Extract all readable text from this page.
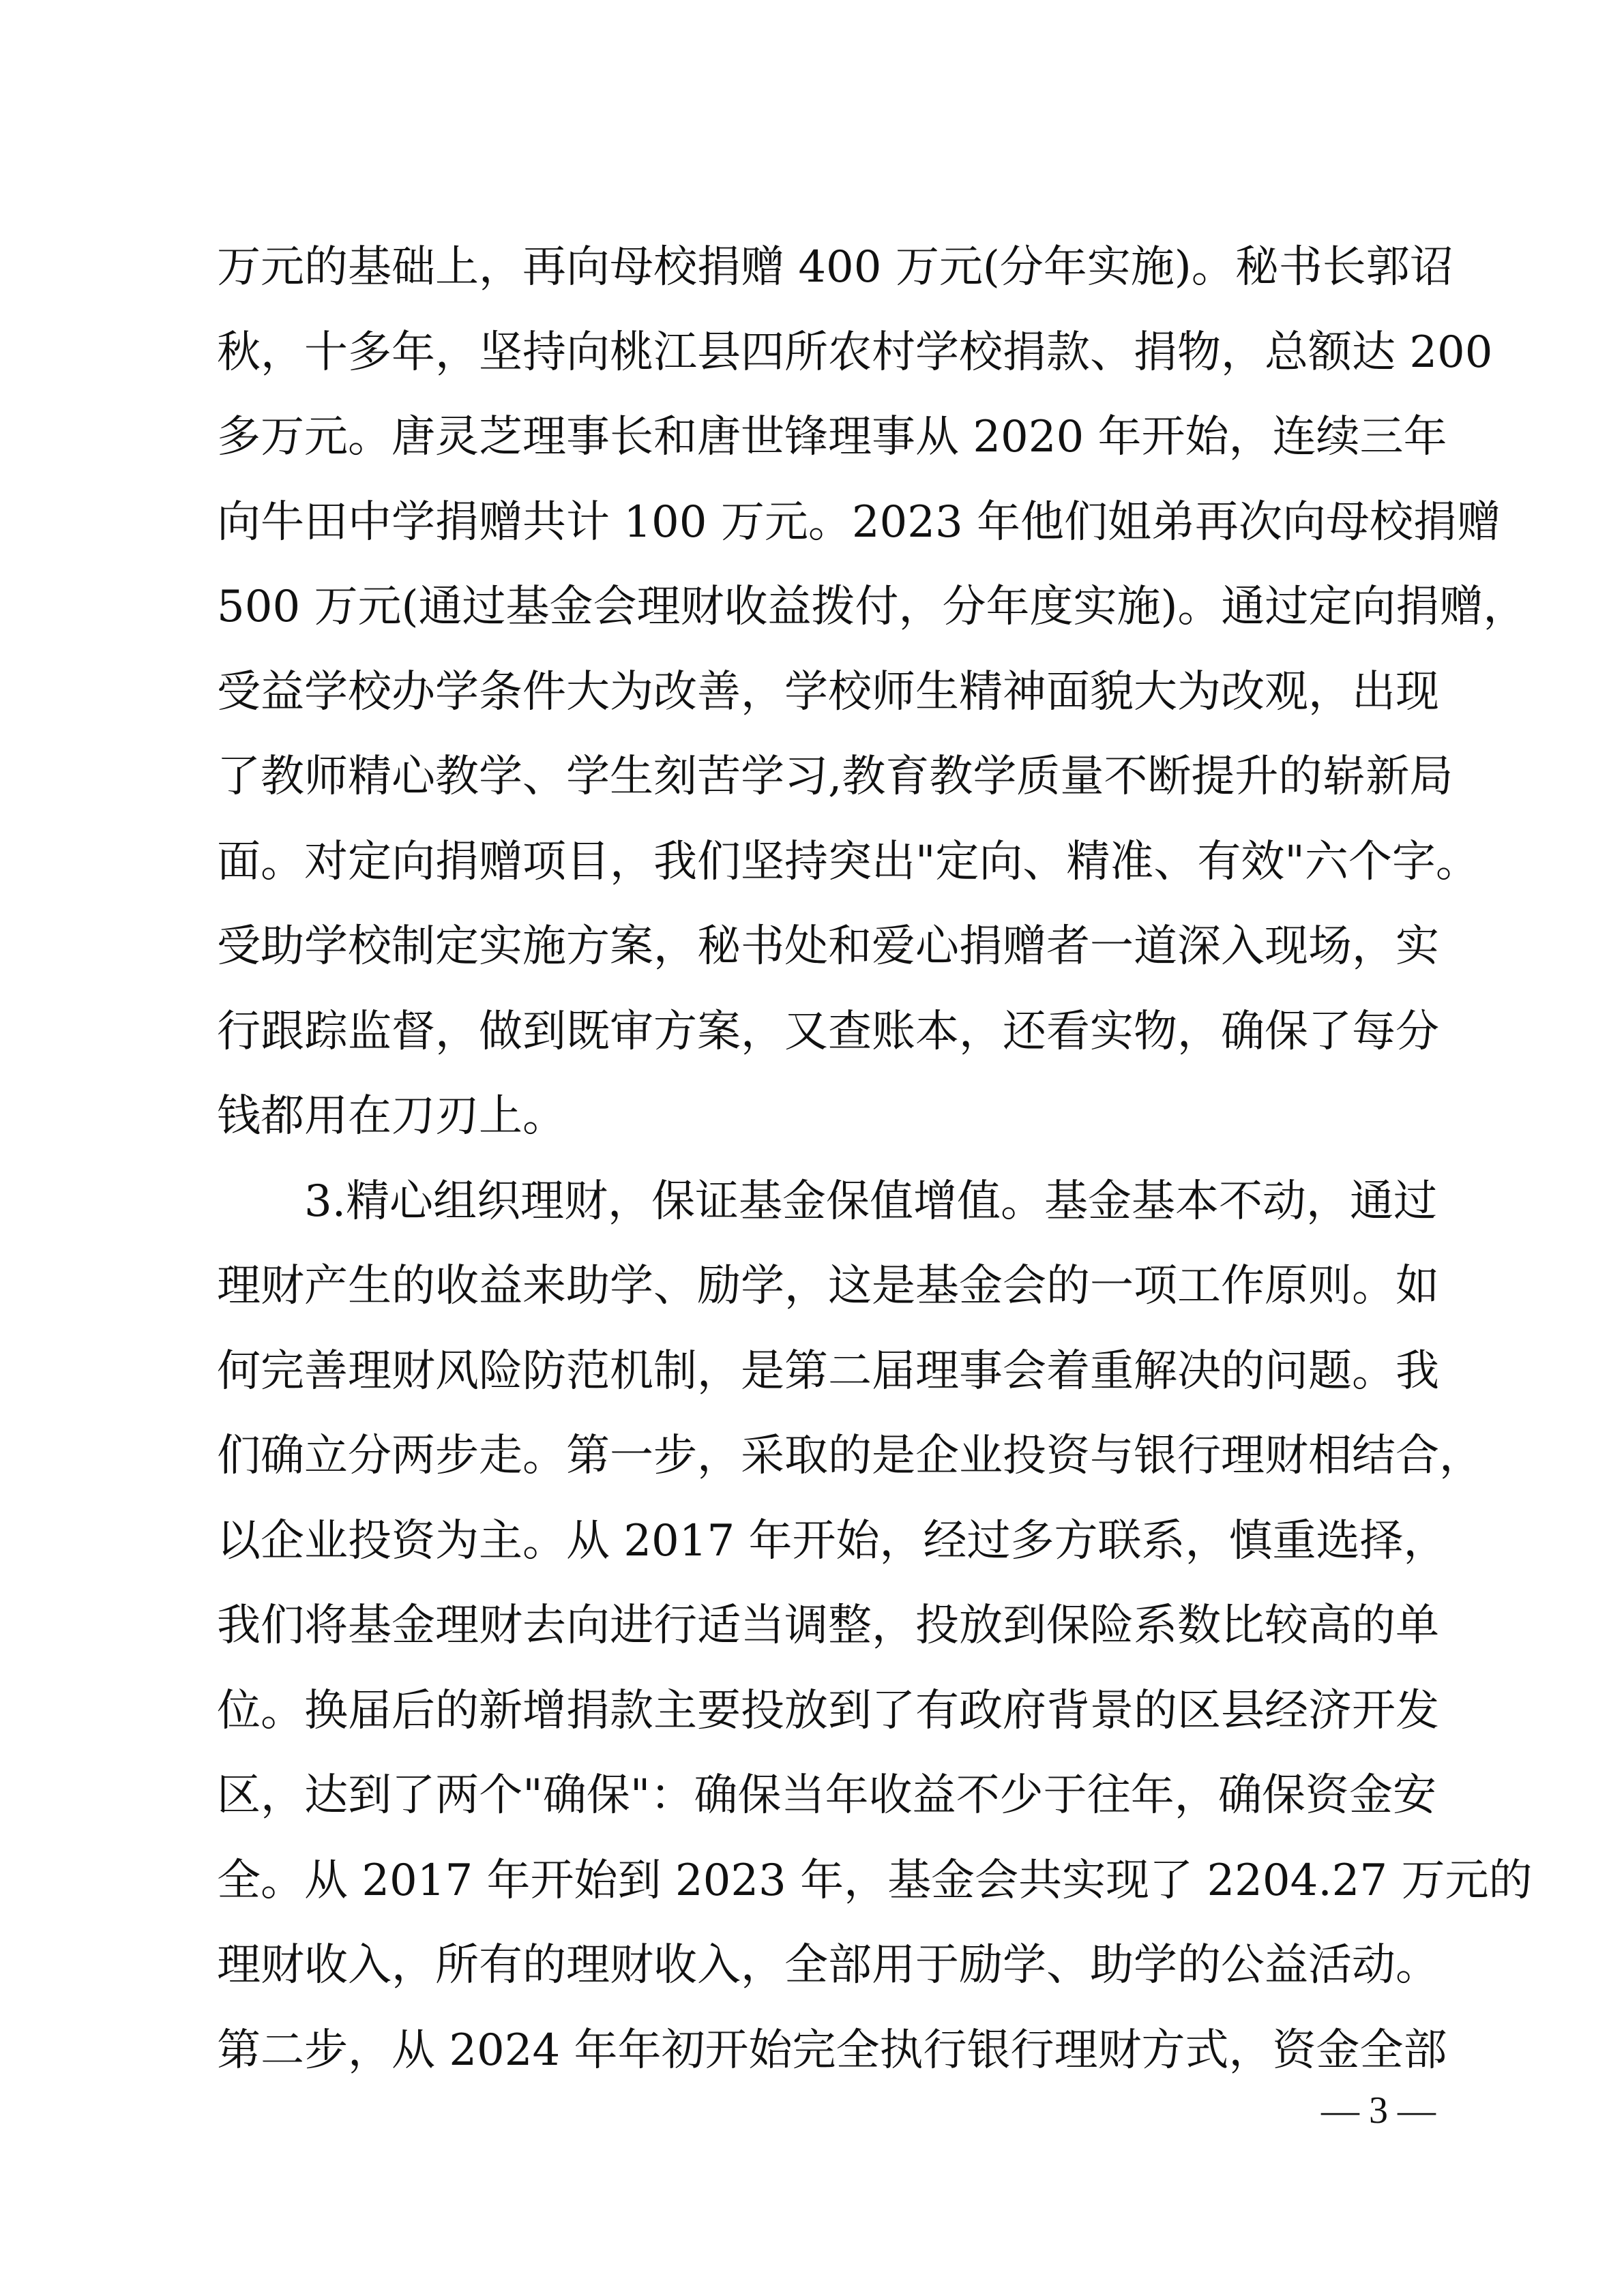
万元的基础上，再向母校捐赠 400 万元(分年实施)。秘书长郭诏
秋，十多年，坚持向桃江县四所农村学校捐款、捐物，总额达 200
多万元。唐灵芝理事长和唐世锋理事从 2020 年开始，连续三年
向牛田中学捐赠共计 100 万元。2023 年他们姐弟再次向母校捐赠
500 万元(通过基金会理财收益拨付，分年度实施)。通过定向捐赠，
受益学校办学条件大为改善，学校师生精神面貌大为改观，出现
了教师精心教学、学生刻苦学习,教育教学质量不断提升的崭新局
面。对定向捐赠项目，我们坚持突出"定向、精准、有效"六个字。
受助学校制定实施方案，秘书处和爱心捐赠者一道深入现场，实
行跟踪监督，做到既审方案，又查账本，还看实物，确保了每分
钱都用在刀刃上。
3.精心组织理财，保证基金保值增值。基金基本不动，通过
理财产生的收益来助学、励学，这是基金会的一项工作原则。如
何完善理财风险防范机制，是第二届理事会着重解决的问题。我
们确立分两步走。第一步，采取的是企业投资与银行理财相结合，
以企业投资为主。从 2017 年开始，经过多方联系，慎重选择，
我们将基金理财去向进行适当调整，投放到保险系数比较高的单
位。换届后的新增捐款主要投放到了有政府背景的区县经济开发
区，达到了两个"确保"：确保当年收益不少于往年，确保资金安
全。从 2017 年开始到 2023 年，基金会共实现了 2204.27 万元的
理财收入，所有的理财收入，全部用于励学、助学的公益活动。
第二步，从 2024 年年初开始完全执行银行理财方式，资金全部
— 3 —
